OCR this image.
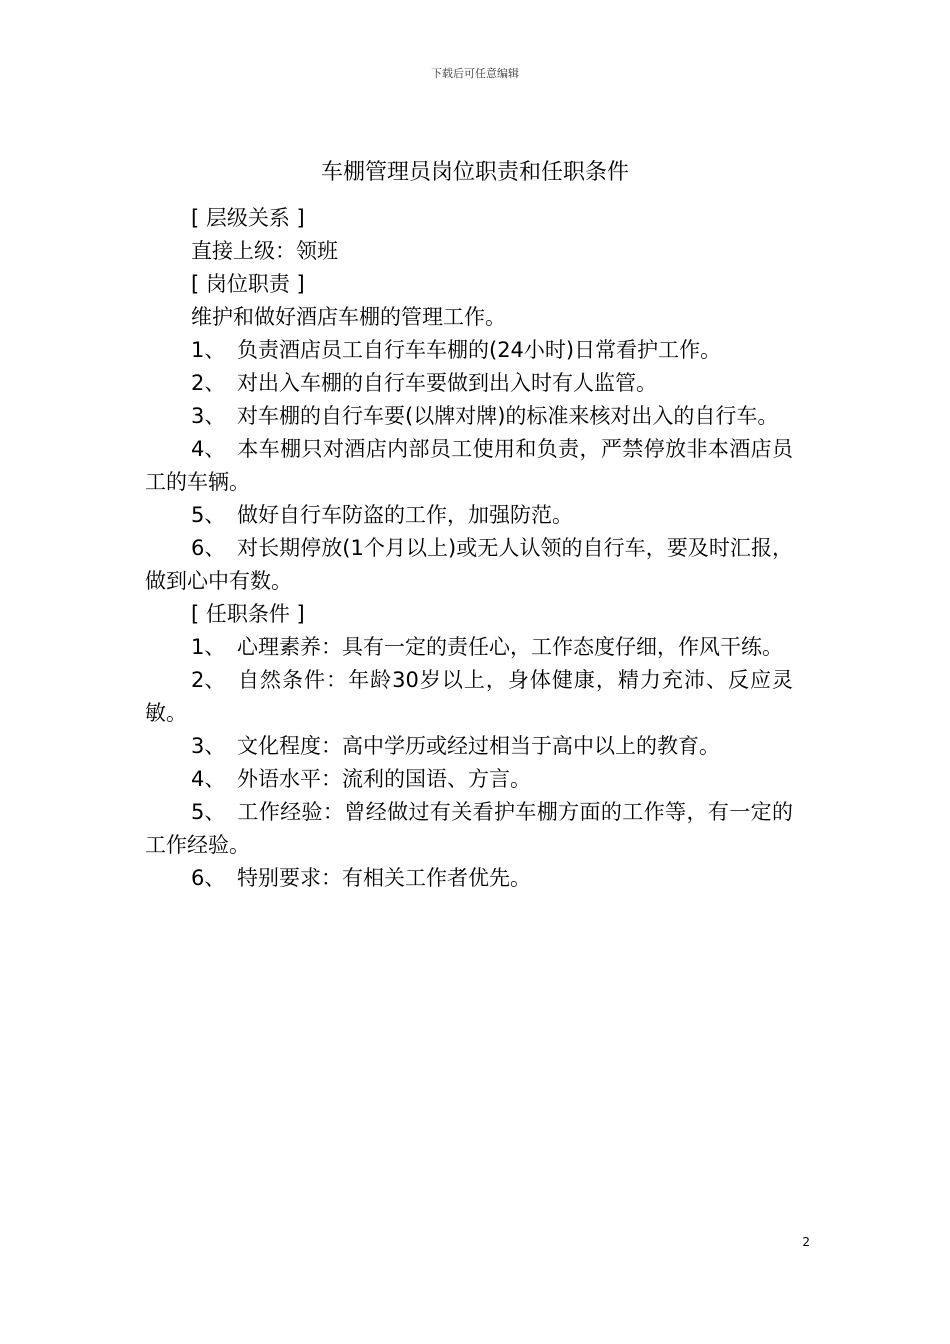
下载后可任意编辑
车棚管理员岗位职责和任职条件

[ 层级关系 ]

直接上级：领班

[ 岗位职责 ]

维护和做好酒店车棚的管理工作。

1、 负责酒店员工自行车车棚的(24小时)日常看护工作。

2、 对出入车棚的自行车要做到出入时有人监管。

3、 对车棚的自行车要(以牌对牌)的标准来核对出入的自行车。

4、 本车棚只对酒店内部员工使用和负责，严禁停放非本酒店员工的车辆。

5、 做好自行车防盗的工作，加强防范。

6、 对长期停放(1个月以上)或无人认领的自行车，要及时汇报，做到心中有数。

[ 任职条件 ]

1、 心理素养：具有一定的责任心，工作态度仔细，作风干练。

2、 自然条件：年龄30岁以上，身体健康，精力充沛、反应灵敏。

3、 文化程度：高中学历或经过相当于高中以上的教育。

4、 外语水平：流利的国语、方言。

5、 工作经验：曾经做过有关看护车棚方面的工作等，有一定的工作经验。

6、 特别要求：有相关工作者优先。

2
